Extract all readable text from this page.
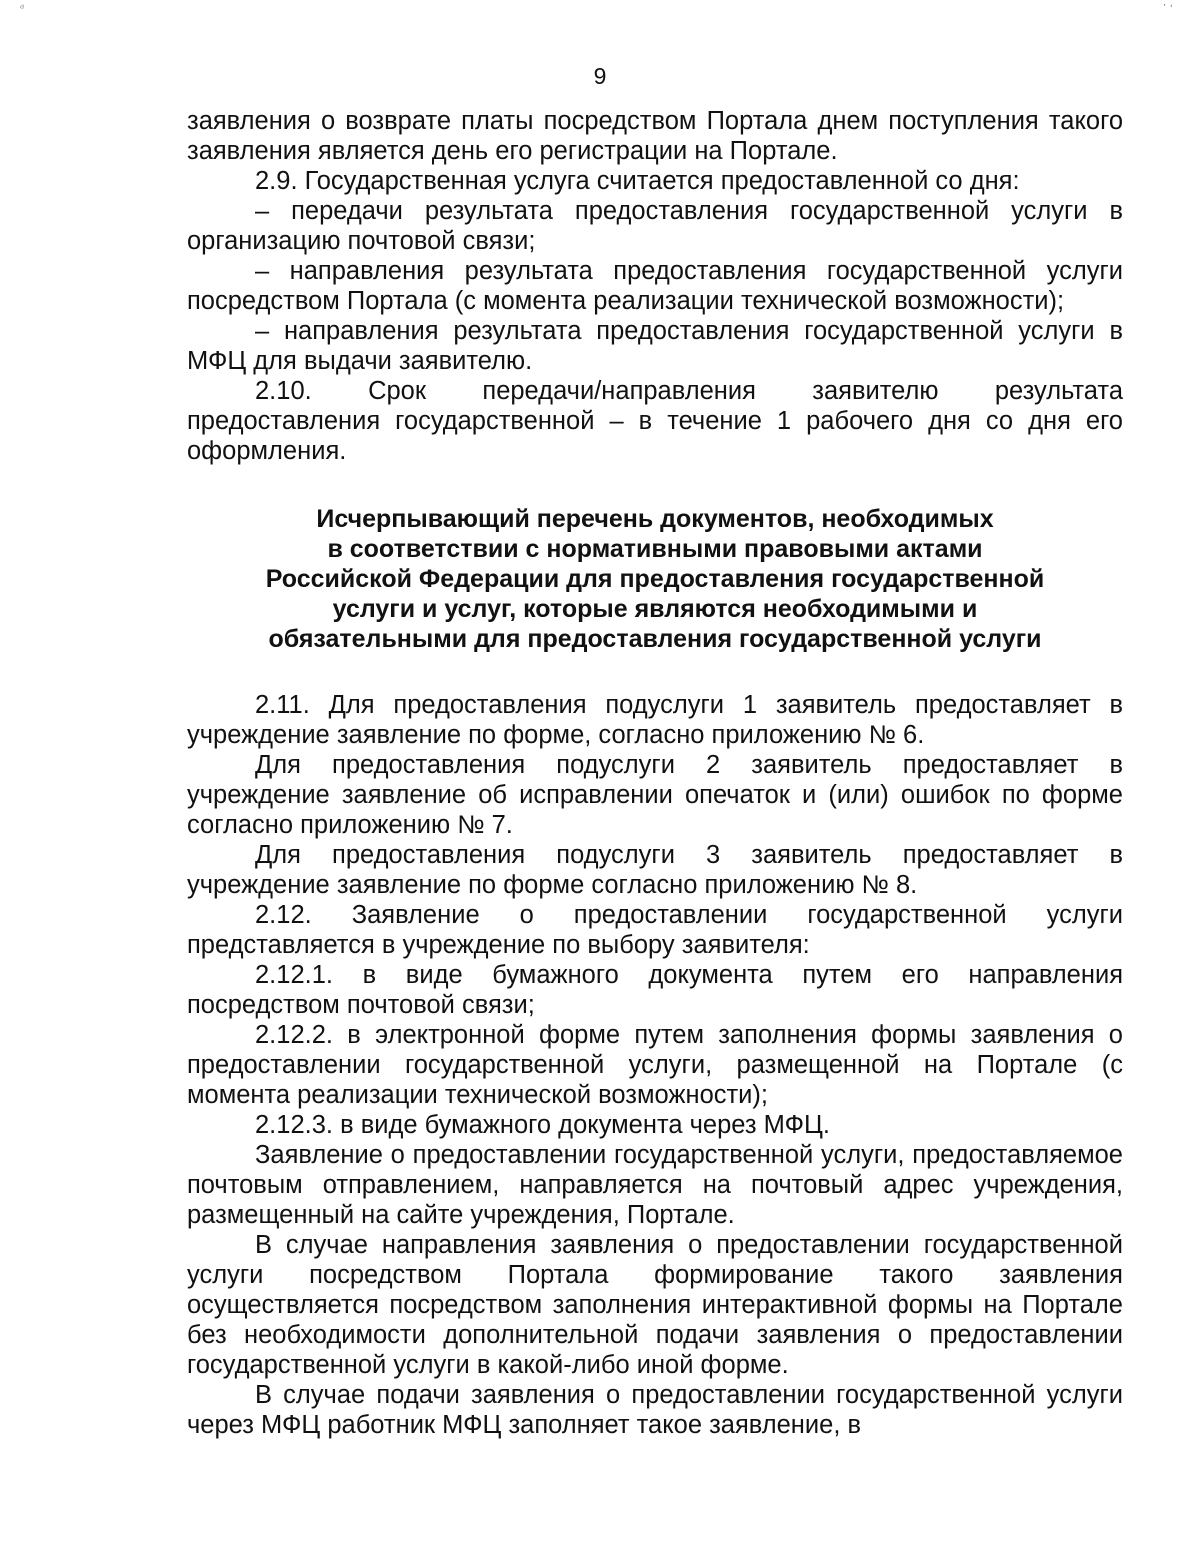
ᵈ	᾿ ʿ
9

заявления о возврате платы посредством Портала днем поступления такого заявления является день его регистрации на Портале.

2.9. Государственная услуга считается предоставленной со дня:

– передачи результата предоставления государственной услуги в организацию почтовой связи;

– направления результата предоставления государственной услуги посредством Портала (с момента реализации технической возможности);

– направления результата предоставления государственной услуги в МФЦ для выдачи заявителю.

2.10. Срок передачи/направления заявителю результата предоставления государственной – в течение 1 рабочего дня со дня его оформления.

Исчерпывающий перечень документов, необходимых
в соответствии с нормативными правовыми актами
Российской Федерации для предоставления государственной
услуги и услуг, которые являются необходимыми и
обязательными для предоставления государственной услуги

2.11. Для предоставления подуслуги 1 заявитель предоставляет в учреждение заявление по форме, согласно приложению № 6.

Для предоставления подуслуги 2 заявитель предоставляет в учреждение заявление об исправлении опечаток и (или) ошибок по форме согласно приложению № 7.

Для предоставления подуслуги 3 заявитель предоставляет в учреждение заявление по форме согласно приложению № 8.

2.12. Заявление о предоставлении государственной услуги представляется в учреждение по выбору заявителя:

2.12.1. в виде бумажного документа путем его направления посредством почтовой связи;

2.12.2. в электронной форме путем заполнения формы заявления о предоставлении государственной услуги, размещенной на Портале (с момента реализации технической возможности);

2.12.3. в виде бумажного документа через МФЦ.

Заявление о предоставлении государственной услуги, предоставляемое почтовым отправлением, направляется на почтовый адрес учреждения, размещенный на сайте учреждения, Портале.

В случае направления заявления о предоставлении государственной услуги посредством Портала формирование такого заявления осуществляется посредством заполнения интерактивной формы на Портале без необходимости дополнительной подачи заявления о предоставлении государственной услуги в какой-либо иной форме.

В случае подачи заявления о предоставлении государственной услуги через МФЦ работник МФЦ заполняет такое заявление, в
